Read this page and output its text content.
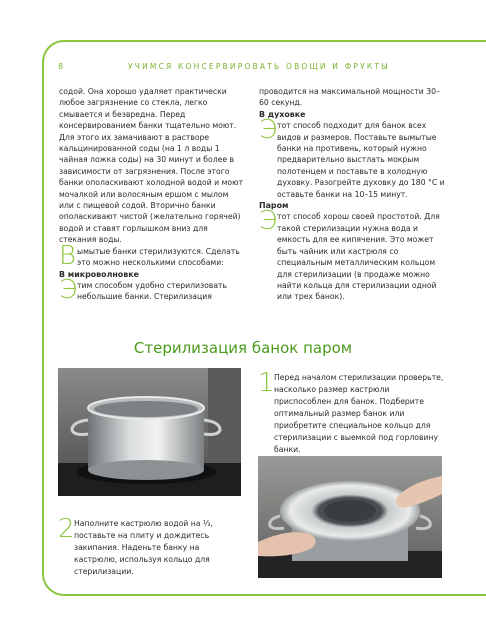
8	УЧИМСЯ КОНСЕРВИРОВАТЬ ОВОЩИ И ФРУКТЫ

содой. Она хорошо удаляет практически любое загрязнение со стекла, легко смывается и безвредна. Перед консервированием банки тщательно моют. Для этого их замачивают в растворе кальцинированной соды (на 1 л воды 1 чайная ложка соды) на 30 минут и более в зависимости от загрязнения. После этого банки ополаскивают холодной водой и моют мочалкой или волосяным ершом с мылом или с пищевой содой. Вторично банки ополаскивают чистой (желательно горячей) водой и ставят горлышком вниз для стекания воды.

В ымытые банки стерилизуются. Сделать это можно несколькими способами:

В микроволновке

Э тим способом удобно стерилизовать небольшие банки. Стерилизация

проводится на максимальной мощности 30–60 секунд.

В духовке

Э тот способ подходит для банок всех видов и размеров. Поставьте вымытые банки на противень, который нужно предварительно выстлать мокрым полотенцем и поставьте в холодную духовку. Разогрейте духовку до 180 °С и оставьте банки на 10–15 минут.

Паром

Э тот способ хорош своей простотой. Для такой стерилизации нужна вода и емкость для ее кипячения. Это может быть чайник или кастрюля со специальным металлическим кольцом для стерилизации (в продаже можно найти кольца для стерилизации одной или трех банок).

Стерилизация банок паром
1 Перед началом стерилизации проверьте, насколько размер кастрюли приспособлен для банок. Подберите оптимальный размер банок или приобретите специальное кольцо для стерилизации с выемкой под горловину банки.
2 Наполните кастрюлю водой на ⅓, поставьте на плиту и дождитесь закипания. Наденьте банку на кастрюлю, используя кольцо для стерилизации.
